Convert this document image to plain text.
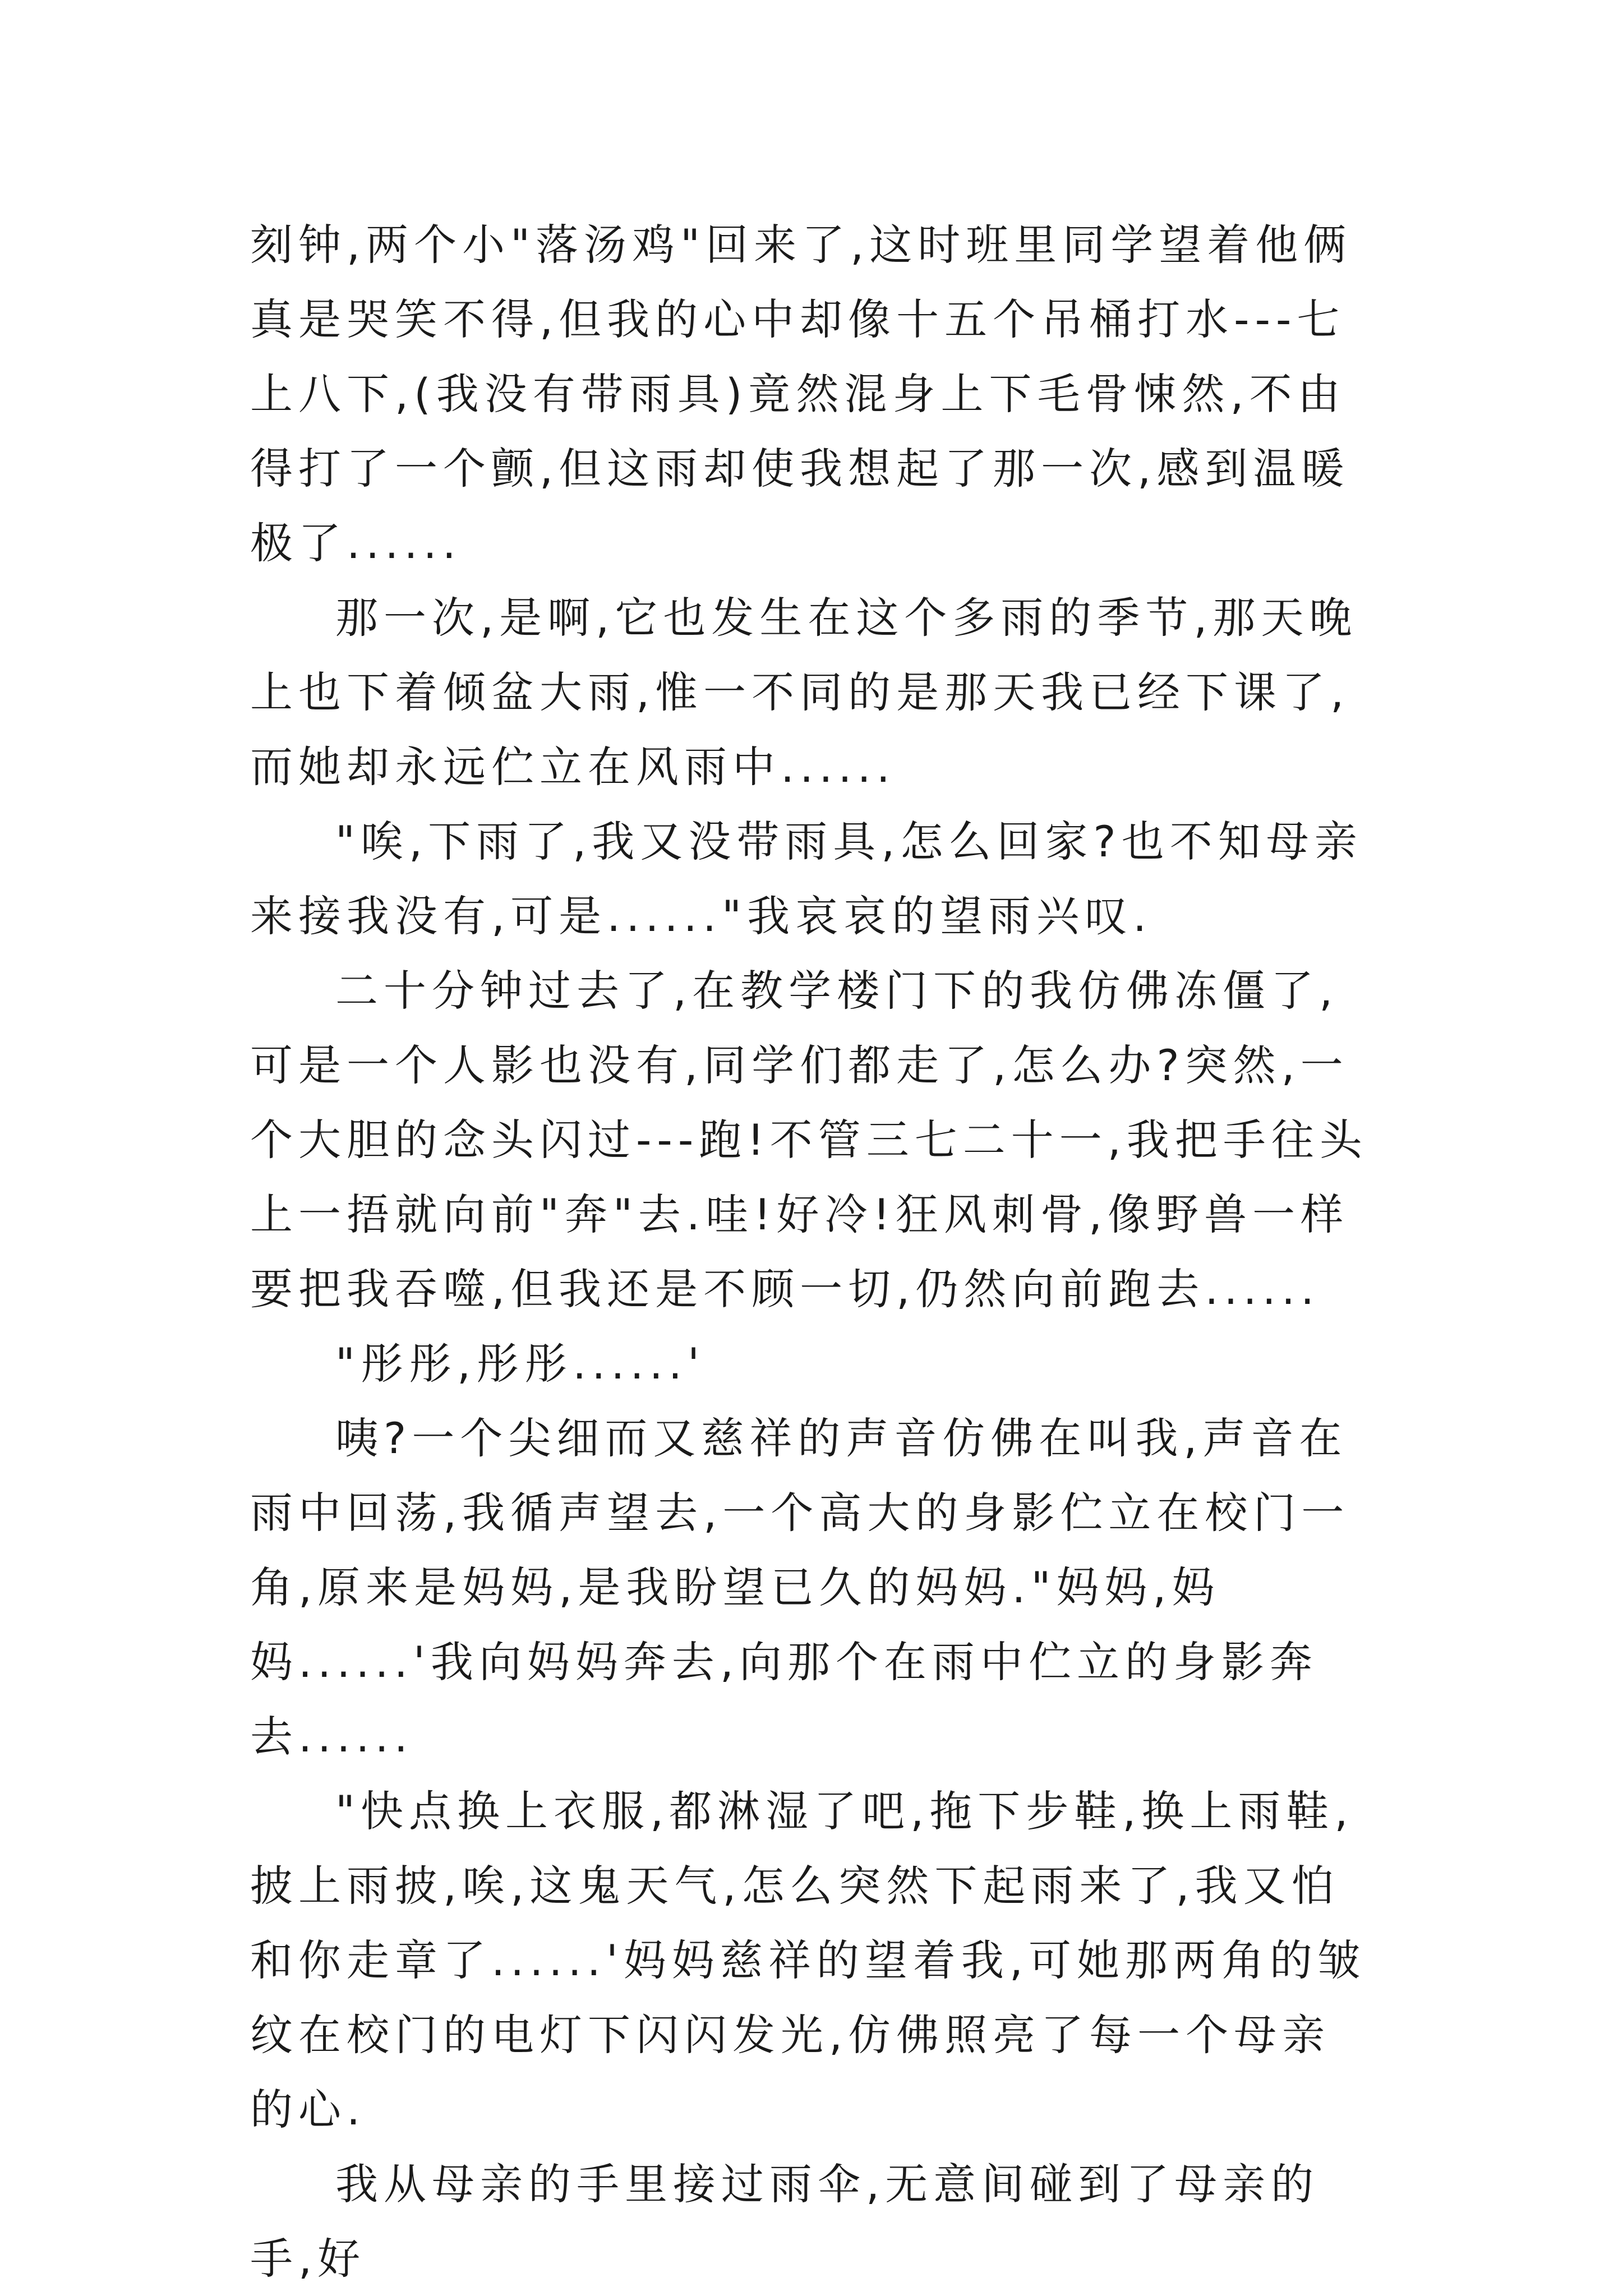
刻钟,两个小"落汤鸡"回来了,这时班里同学望着他俩真是哭笑不得,但我的心中却像十五个吊桶打水---七上八下,(我没有带雨具)竟然混身上下毛骨悚然,不由得打了一个颤,但这雨却使我想起了那一次,感到温暖极了......

那一次,是啊,它也发生在这个多雨的季节,那天晚上也下着倾盆大雨,惟一不同的是那天我已经下课了,而她却永远伫立在风雨中......

"唉,下雨了,我又没带雨具,怎么回家?也不知母亲来接我没有,可是......"我哀哀的望雨兴叹.

二十分钟过去了,在教学楼门下的我仿佛冻僵了,可是一个人影也没有,同学们都走了,怎么办?突然,一个大胆的念头闪过---跑!不管三七二十一,我把手往头上一捂就向前"奔"去.哇!好冷!狂风刺骨,像野兽一样要把我吞噬,但我还是不顾一切,仍然向前跑去......

"彤彤,彤彤......'

咦?一个尖细而又慈祥的声音仿佛在叫我,声音在雨中回荡,我循声望去,一个高大的身影伫立在校门一角,原来是妈妈,是我盼望已久的妈妈."妈妈,妈妈......'我向妈妈奔去,向那个在雨中伫立的身影奔去......

"快点换上衣服,都淋湿了吧,拖下步鞋,换上雨鞋,披上雨披,唉,这鬼天气,怎么突然下起雨来了,我又怕和你走章了......'妈妈慈祥的望着我,可她那两角的皱纹在校门的电灯下闪闪发光,仿佛照亮了每一个母亲的心.

我从母亲的手里接过雨伞,无意间碰到了母亲的手,好
